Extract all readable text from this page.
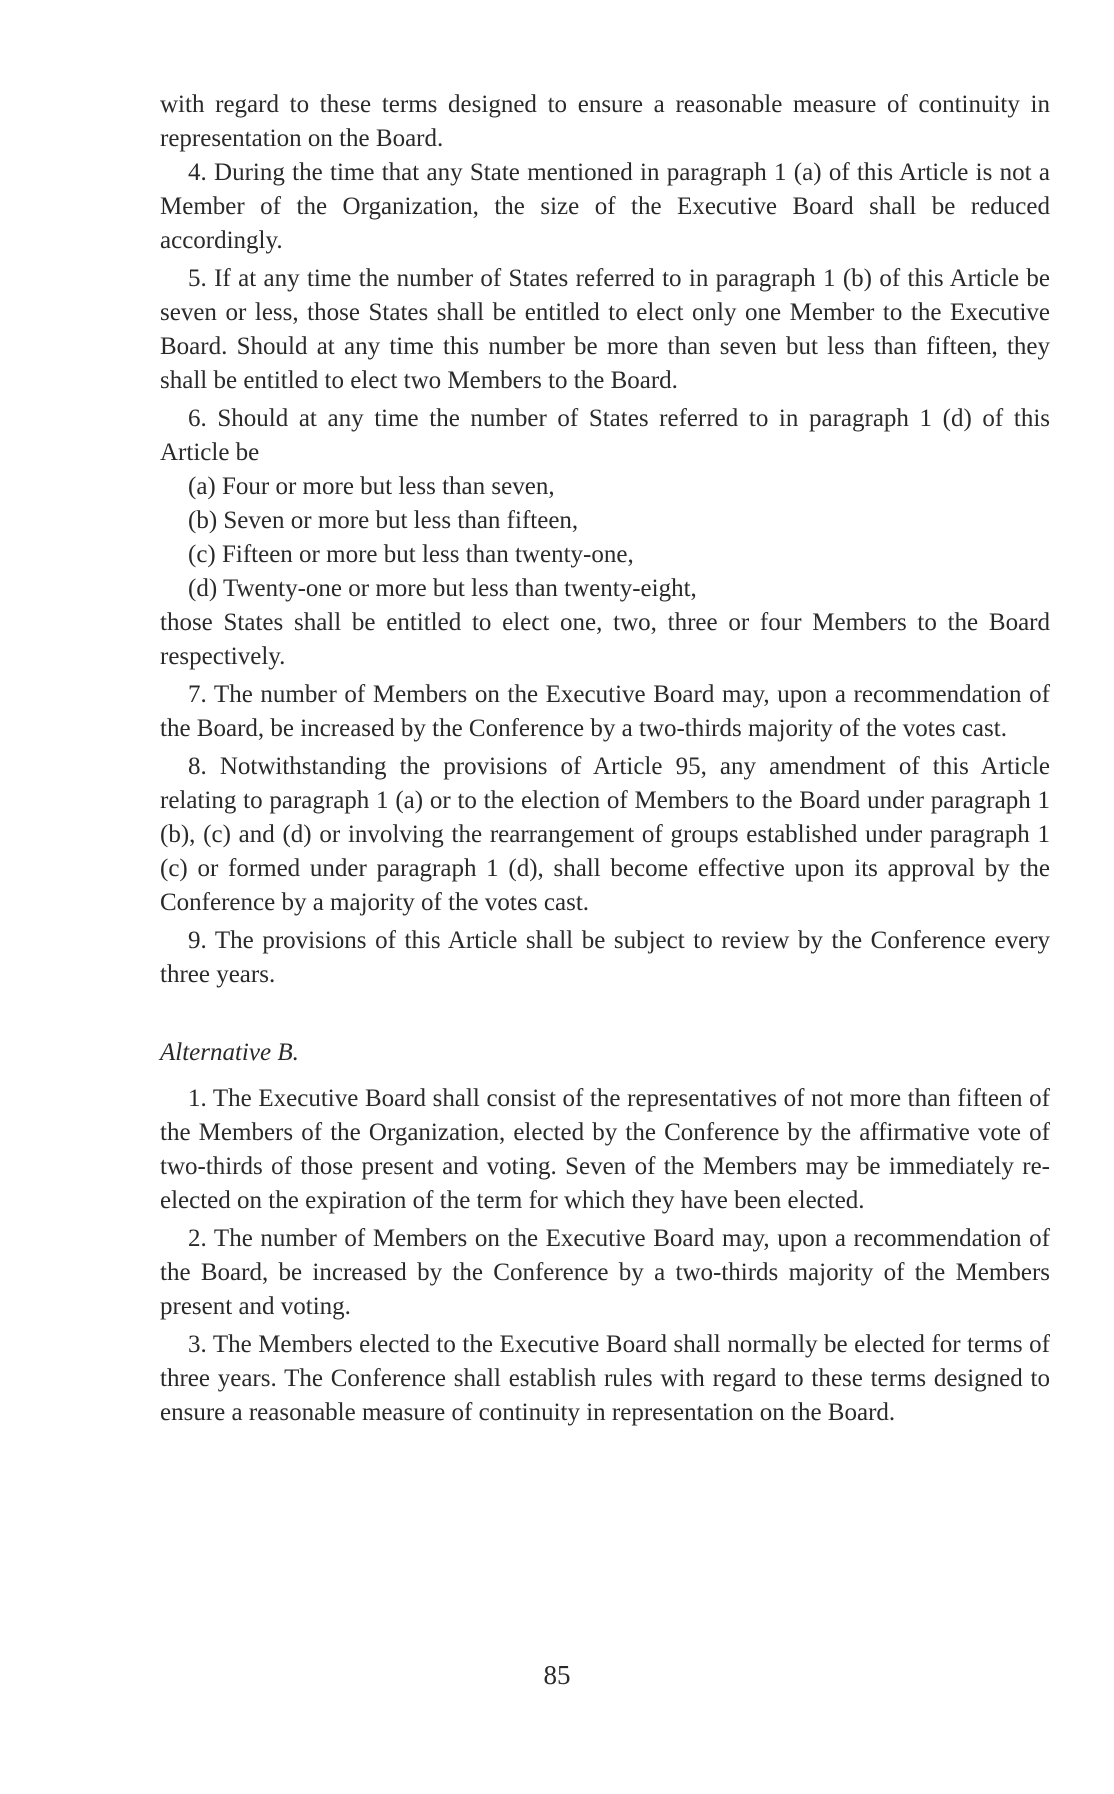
with regard to these terms designed to ensure a reasonable measure of continuity in representation on the Board.

4. During the time that any State mentioned in paragraph 1 (a) of this Article is not a Member of the Organization, the size of the Executive Board shall be reduced accordingly.

5. If at any time the number of States referred to in paragraph 1 (b) of this Article be seven or less, those States shall be entitled to elect only one Member to the Executive Board. Should at any time this number be more than seven but less than fifteen, they shall be entitled to elect two Members to the Board.

6. Should at any time the number of States referred to in paragraph 1 (d) of this Article be

(a) Four or more but less than seven,

(b) Seven or more but less than fifteen,

(c) Fifteen or more but less than twenty-one,

(d) Twenty-one or more but less than twenty-eight,

those States shall be entitled to elect one, two, three or four Members to the Board respectively.

7. The number of Members on the Executive Board may, upon a recommendation of the Board, be increased by the Conference by a two-thirds majority of the votes cast.

8. Notwithstanding the provisions of Article 95, any amendment of this Article relating to paragraph 1 (a) or to the election of Members to the Board under paragraph 1 (b), (c) and (d) or involving the rearrangement of groups established under paragraph 1 (c) or formed under paragraph 1 (d), shall become effective upon its approval by the Conference by a majority of the votes cast.

9. The provisions of this Article shall be subject to review by the Conference every three years.

Alternative B.

1. The Executive Board shall consist of the representatives of not more than fifteen of the Members of the Organization, elected by the Conference by the affirmative vote of two-thirds of those present and voting. Seven of the Members may be immediately re-elected on the expiration of the term for which they have been elected.

2. The number of Members on the Executive Board may, upon a recommendation of the Board, be increased by the Conference by a two-thirds majority of the Members present and voting.

3. The Members elected to the Executive Board shall normally be elected for terms of three years. The Conference shall establish rules with regard to these terms designed to ensure a reasonable measure of continuity in representation on the Board.

85
